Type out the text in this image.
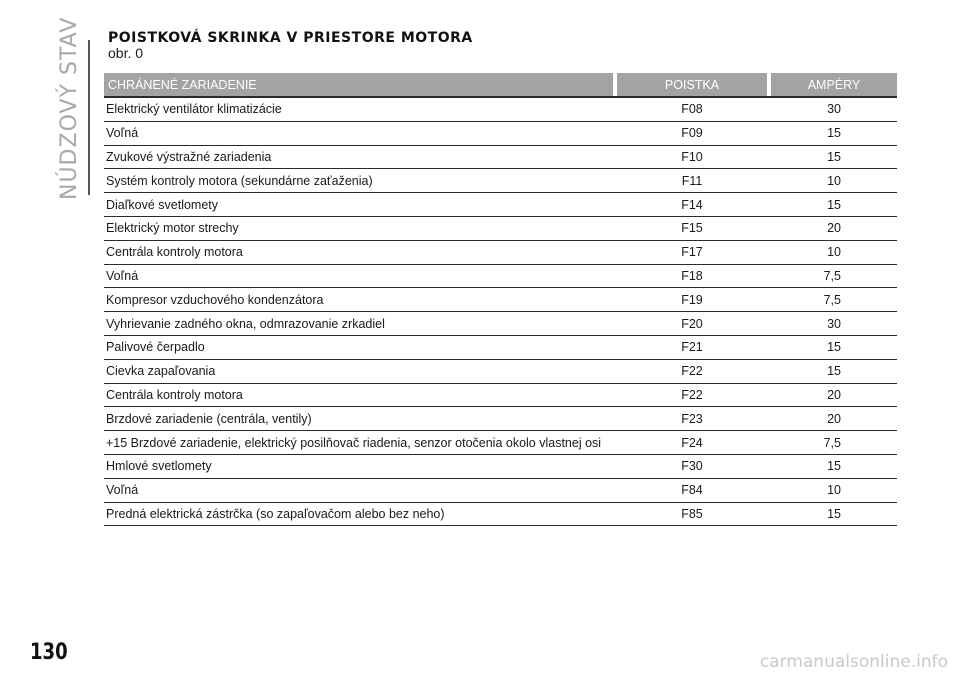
NÚDZOVÝ STAV POISTKOVÁ SKRINKA V PRIESTORE MOTORA
obr. 0
CHRÁNENÉ ZARIADENIE		POISTKA		AMPÉRY
Elektrický ventilátor klimatizácie		F08		30
Voľná		F09		15
Zvukové výstražné zariadenia		F10		15
Systém kontroly motora (sekundárne zaťaženia)		F11		10
Diaľkové svetlomety		F14		15
Elektrický motor strechy		F15		20
Centrála kontroly motora		F17		10
Voľná		F18		7,5
Kompresor vzduchového kondenzátora		F19		7,5
Vyhrievanie zadného okna, odmrazovanie zrkadiel		F20		30
Palivové čerpadlo		F21		15
Cievka zapaľovania		F22		15
Centrála kontroly motora		F22		20
Brzdové zariadenie (centrála, ventily)		F23		20
+15 Brzdové zariadenie, elektrický posilňovač riadenia, senzor otočenia okolo vlastnej osi		F24		7,5
Hmlové svetlomety		F30		15
Voľná		F84		10
Predná elektrická zástrčka (so zapaľovačom alebo bez neho)		F85		15
130	carmanualsonline.info
